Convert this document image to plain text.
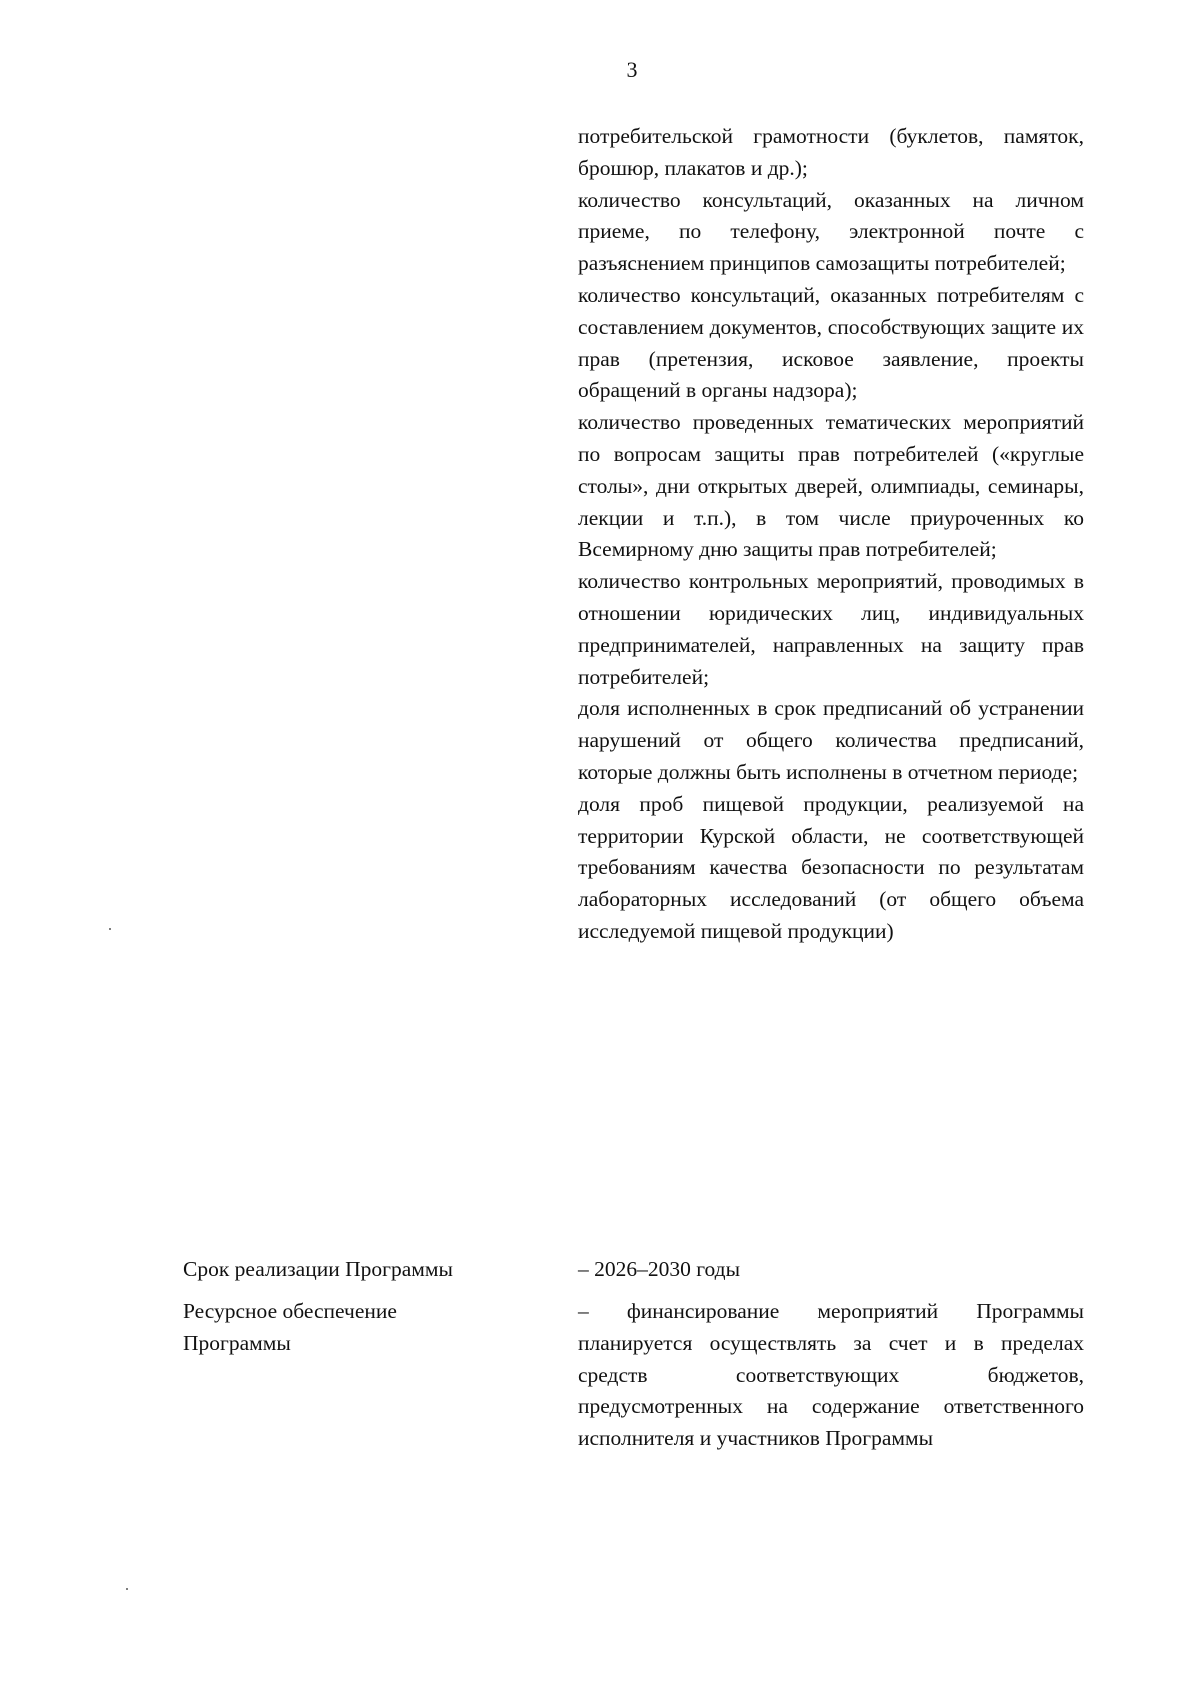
3

потребительской грамотности (буклетов, памяток, брошюр, плакатов и др.);

количество консультаций, оказанных на личном приеме, по телефону, электронной почте с разъяснением принципов самозащиты потребителей;

количество консультаций, оказанных потребителям с составлением документов, способствующих защите их прав (претензия, исковое заявление, проекты обращений в органы надзора);

количество проведенных тематических мероприятий по вопросам защиты прав потребителей («круглые столы», дни открытых дверей, олимпиады, семинары, лекции и т.п.), в том числе приуроченных ко Всемирному дню защиты прав потребителей;

количество контрольных мероприятий, проводимых в отношении юридических лиц, индивидуальных предпринимателей, направленных на защиту прав потребителей;

доля исполненных в срок предписаний об устранении нарушений от общего количества предписаний, которые должны быть исполнены в отчетном периоде;

доля проб пищевой продукции, реализуемой на территории Курской области, не соответствующей требованиям качества безопасности по результатам лабораторных исследований (от общего объема исследуемой пищевой продукции)

Срок реализации Программы	– 2026–2030 годы
Ресурсное обеспечение Программы

– финансирование мероприятий Программы планируется осуществлять за счет и в пределах средств соответствующих бюджетов, предусмотренных на содержание ответственного исполнителя и участников Программы
